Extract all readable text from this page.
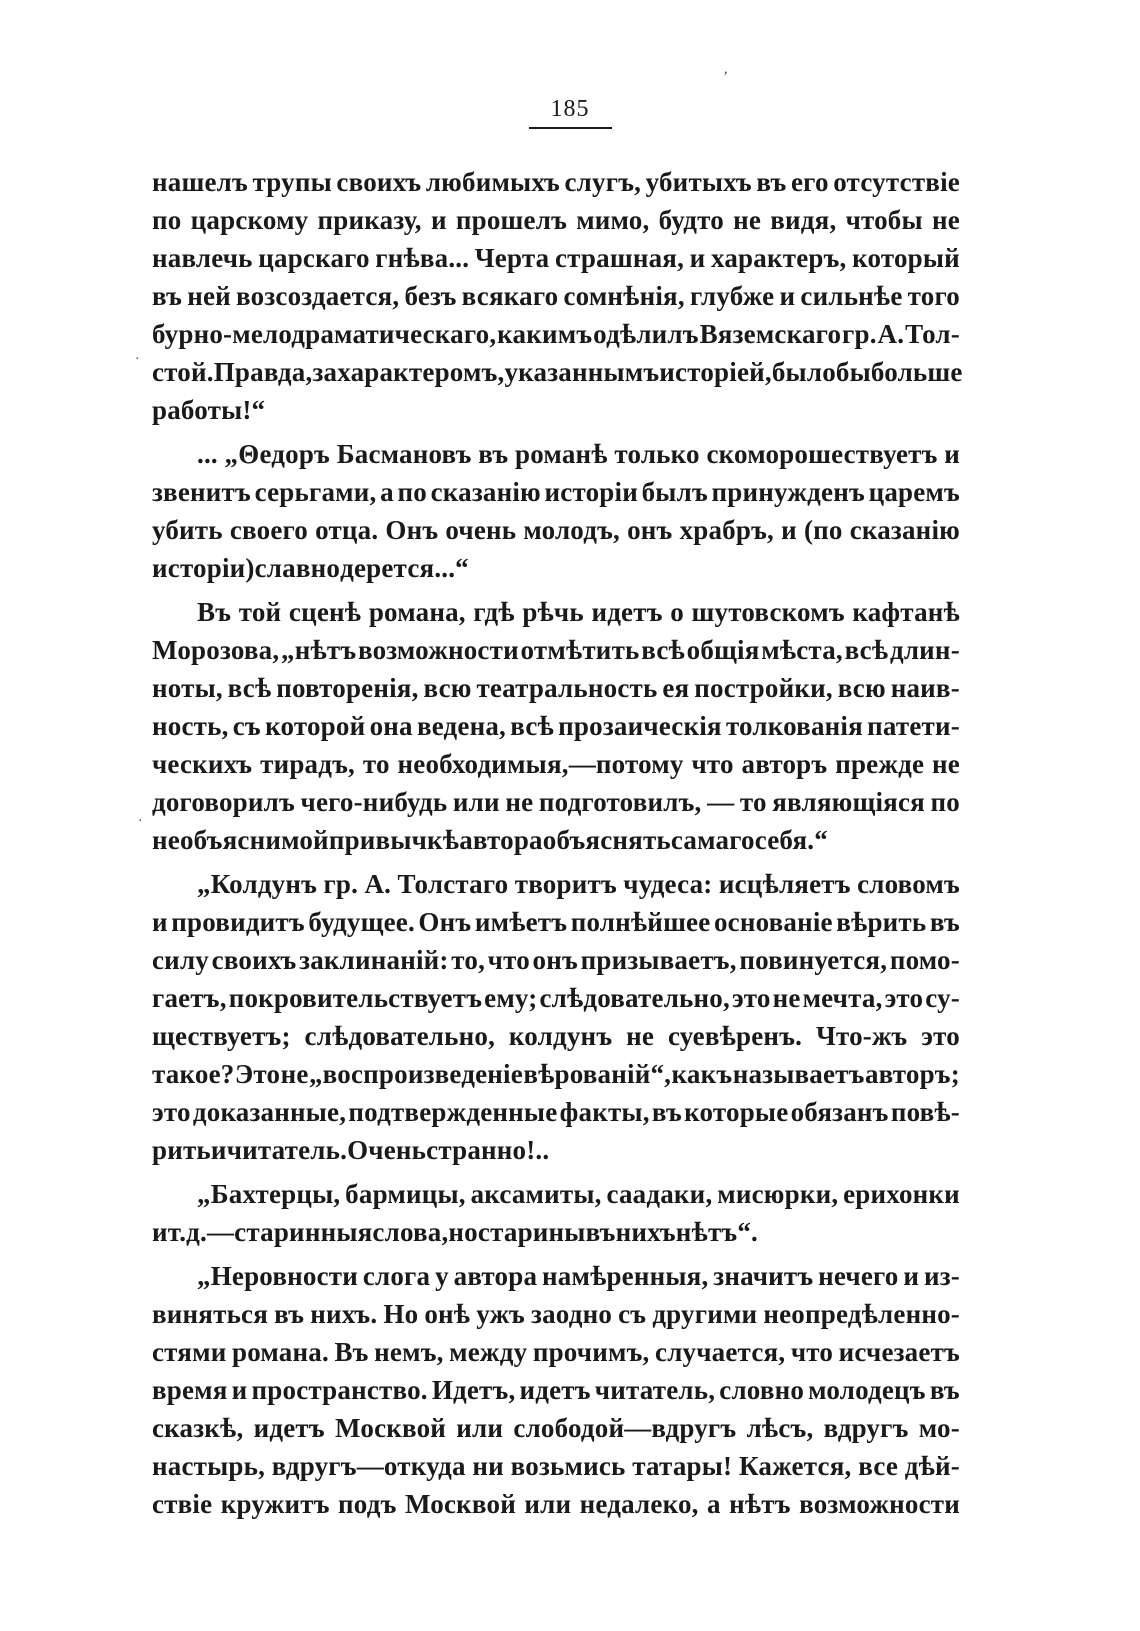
185
нашелъ трупы своихъ любимыхъ слугъ, убитыхъ въ его отсутствіе
по царскому приказу, и прошелъ мимо, будто не видя, чтобы не
навлечь царскаго гнѣва... Черта страшная, и характеръ, который
въ ней возсоздается, безъ всякаго сомнѣнія, глубже и сильнѣе того
бурно-мелодраматическаго, какимъ одѣлилъ Вяземскаго гр. А. Тол-
стой. Правда, за характеромъ, указаннымъ исторіей, было бы больше
работы!“
... „Θедоръ Басмановъ въ романѣ только скоморошествуетъ и
звенитъ серьгами, а по сказанію исторіи былъ принужденъ царемъ
убить своего отца. Онъ очень молодъ, онъ храбръ, и (по сказанію
исторіи) славно дерется...“
Въ той сценѣ романа, гдѣ рѣчь идетъ о шутовскомъ кафтанѣ
Морозова, „нѣтъ возможности отмѣтить всѣ общія мѣста, всѣ длин-
ноты, всѣ повторенія, всю театральность ея постройки, всю наив-
ность, съ которой она ведена, всѣ прозаическія толкованія патети-
ческихъ тирадъ, то необходимыя,—потому что авторъ прежде не
договорилъ чего-нибудь или не подготовилъ, — то являющіяся по
необъяснимой привычкѣ автора объяснять самаго себя.“
„Колдунъ гр. А. Толстаго творитъ чудеса: исцѣляетъ словомъ
и провидитъ будущее. Онъ имѣетъ полнѣйшее основаніе вѣрить въ
силу своихъ заклинаній: то, что онъ призываетъ, повинуется, помо-
гаетъ, покровительствуетъ ему; слѣдовательно, это не мечта, это су-
ществуетъ; слѣдовательно, колдунъ не суевѣренъ. Что-жъ это
такое? Это не „воспроизведеніе вѣрованій“, какъ называетъ авторъ;
это доказанные, подтвержденные факты, въ которые обязанъ повѣ-
рить и читатель. Очень странно!..
„Бахтерцы, бармицы, аксамиты, саадаки, мисюрки, ерихонки
и т. д.—старинныя слова, но старины въ нихъ нѣтъ“.
„Неровности слога у автора намѣренныя, значитъ нечего и из-
виняться въ нихъ. Но онѣ ужъ заодно съ другими неопредѣленно-
стями романа. Въ немъ, между прочимъ, случается, что исчезаетъ
время и пространство. Идетъ, идетъ читатель, словно молодецъ въ
сказкѣ, идетъ Москвой или слободой—вдругъ лѣсъ, вдругъ мо-
настырь, вдругъ—откуда ни возьмись татары! Кажется, все дѣй-
ствіе кружитъ подъ Москвой или недалеко, а нѣтъ возможности
·
·
,
